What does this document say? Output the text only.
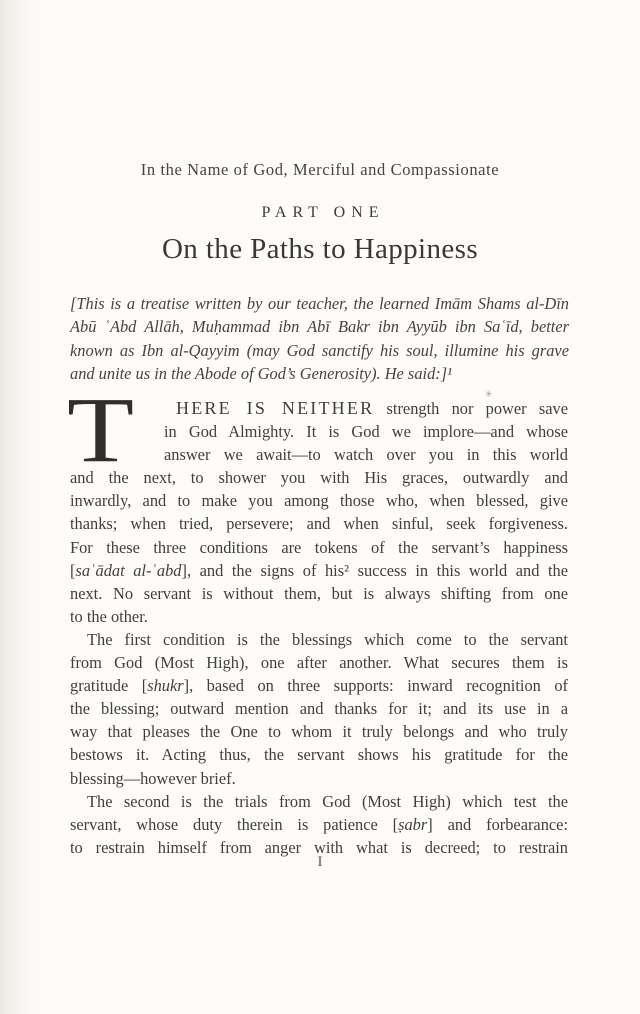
In the Name of God, Merciful and Compassionate
PART ONE
On the Paths to Happiness
[This is a treatise written by our teacher, the learned Imām Shams al-Dīn
Abū ʿAbd Allāh, Muḥammad ibn Abī Bakr ibn Ayyūb ibn Saʿīd, better
known as Ibn al-Qayyim (may God sanctify his soul, illumine his grave
and unite us in the Abode of God’s Generosity). He said:]¹
✳
T HERE IS NEITHER strength nor power save
in God Almighty. It is God we implore—and whose
answer we await—to watch over you in this world
and the next, to shower you with His graces, outwardly and
inwardly, and to make you among those who, when blessed, give
thanks; when tried, persevere; and when sinful, seek forgiveness.
For these three conditions are tokens of the servant’s happiness
[saʿādat al-ʿabd], and the signs of his² success in this world and the
next. No servant is without them, but is always shifting from one
to the other.
The first condition is the blessings which come to the servant
from God (Most High), one after another. What secures them is
gratitude [shukr], based on three supports: inward recognition of
the blessing; outward mention and thanks for it; and its use in a
way that pleases the One to whom it truly belongs and who truly
bestows it. Acting thus, the servant shows his gratitude for the
blessing—however brief.
The second is the trials from God (Most High) which test the
servant, whose duty therein is patience [ṣabr] and forbearance:
to restrain himself from anger with what is decreed; to restrain
I
